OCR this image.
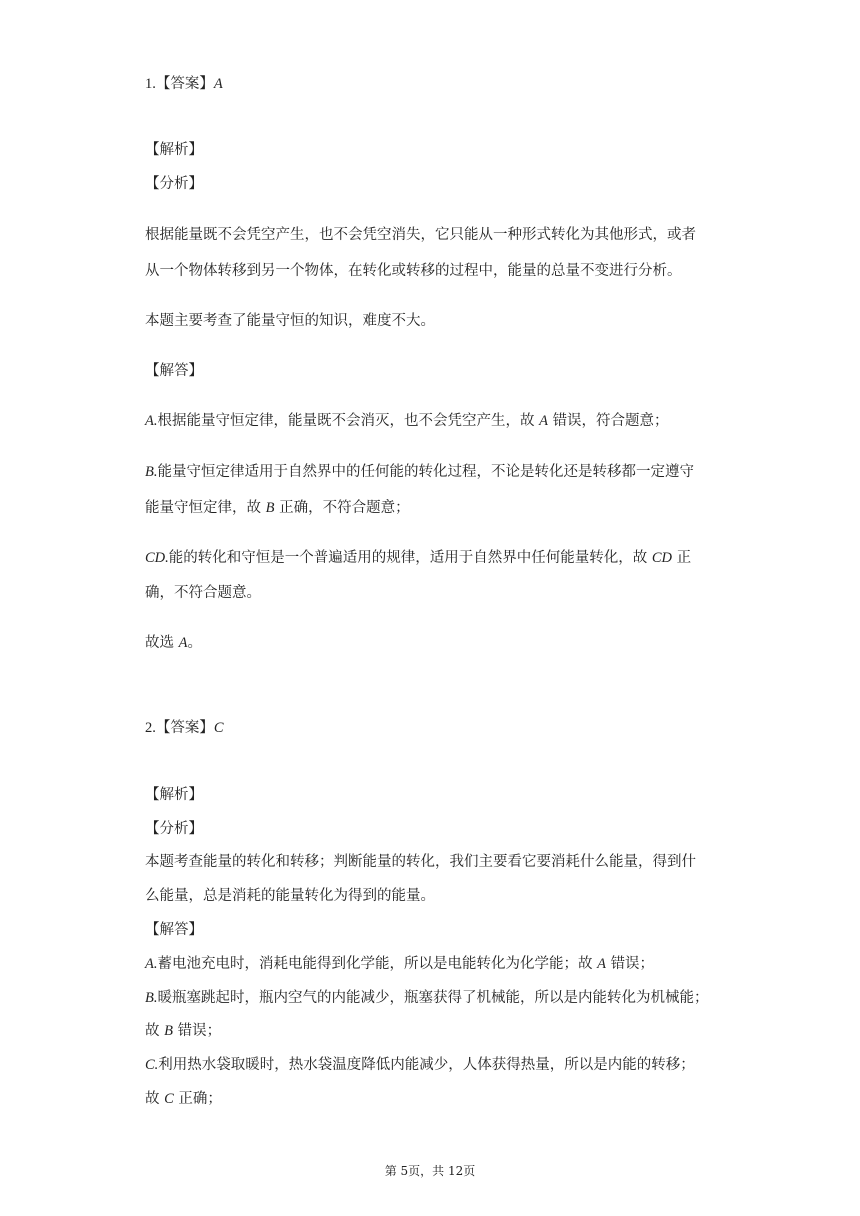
1.【答案】A
【解析】
【分析】
根据能量既不会凭空产生，也不会凭空消失，它只能从一种形式转化为其他形式，或者
从一个物体转移到另一个物体，在转化或转移的过程中，能量的总量不变进行分析。
本题主要考查了能量守恒的知识，难度不大。
【解答】
A.根据能量守恒定律，能量既不会消灭，也不会凭空产生，故 A 错误，符合题意；
B.能量守恒定律适用于自然界中的任何能的转化过程，不论是转化还是转移都一定遵守
能量守恒定律，故 B 正确，不符合题意；
CD.能的转化和守恒是一个普遍适用的规律，适用于自然界中任何能量转化，故 CD 正
确，不符合题意。
故选 A。
2.【答案】C
【解析】
【分析】
本题考查能量的转化和转移；判断能量的转化，我们主要看它要消耗什么能量，得到什
么能量，总是消耗的能量转化为得到的能量。
【解答】
A.蓄电池充电时，消耗电能得到化学能，所以是电能转化为化学能；故 A 错误；
B.暖瓶塞跳起时，瓶内空气的内能减少，瓶塞获得了机械能，所以是内能转化为机械能；
故 B 错误；
C.利用热水袋取暖时，热水袋温度降低内能减少，人体获得热量，所以是内能的转移；
故 C 正确；
第 5页，共 12页
